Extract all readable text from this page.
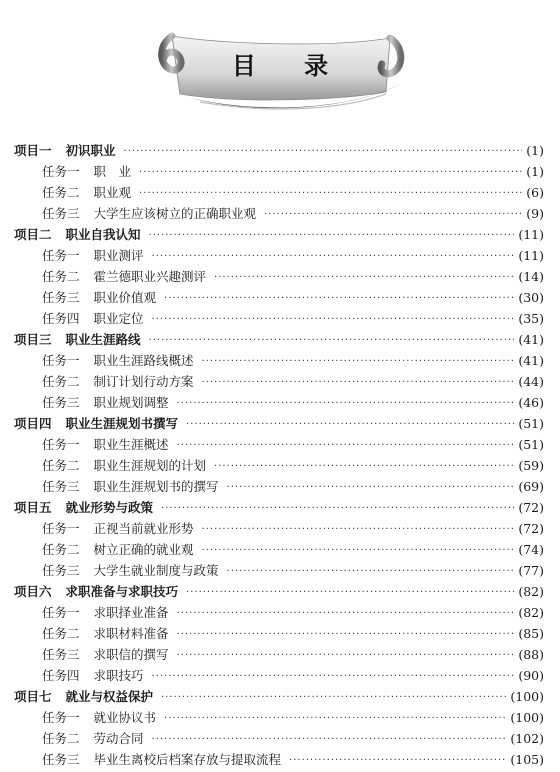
目 录
项目一 初识职业 ·····	(1)
任务一 职　业 ·····	(1)
任务二 职业观 ·····	(6)
任务三 大学生应该树立的正确职业观 ·····	(9)
项目二 职业自我认知 ·····	(11)
任务一 职业测评 ·····	(11)
任务二 霍兰德职业兴趣测评 ·····	(14)
任务三 职业价值观 ·····	(30)
任务四 职业定位 ·····	(35)
项目三 职业生涯路线 ·····	(41)
任务一 职业生涯路线概述 ·····	(41)
任务二 制订计划行动方案 ·····	(44)
任务三 职业规划调整 ·····	(46)
项目四 职业生涯规划书撰写 ·····	(51)
任务一 职业生涯概述 ·····	(51)
任务二 职业生涯规划的计划 ·····	(59)
任务三 职业生涯规划书的撰写 ·····	(69)
项目五 就业形势与政策 ·····	(72)
任务一 正视当前就业形势 ·····	(72)
任务二 树立正确的就业观 ·····	(74)
任务三 大学生就业制度与政策 ·····	(77)
项目六 求职准备与求职技巧 ·····	(82)
任务一 求职择业准备 ·····	(82)
任务二 求职材料准备 ·····	(85)
任务三 求职信的撰写 ·····	(88)
任务四 求职技巧 ·····	(90)
项目七 就业与权益保护 ·····	(100)
任务一 就业协议书 ·····	(100)
任务二 劳动合同 ·····	(102)
任务三 毕业生离校后档案存放与提取流程 ·····	(105)
